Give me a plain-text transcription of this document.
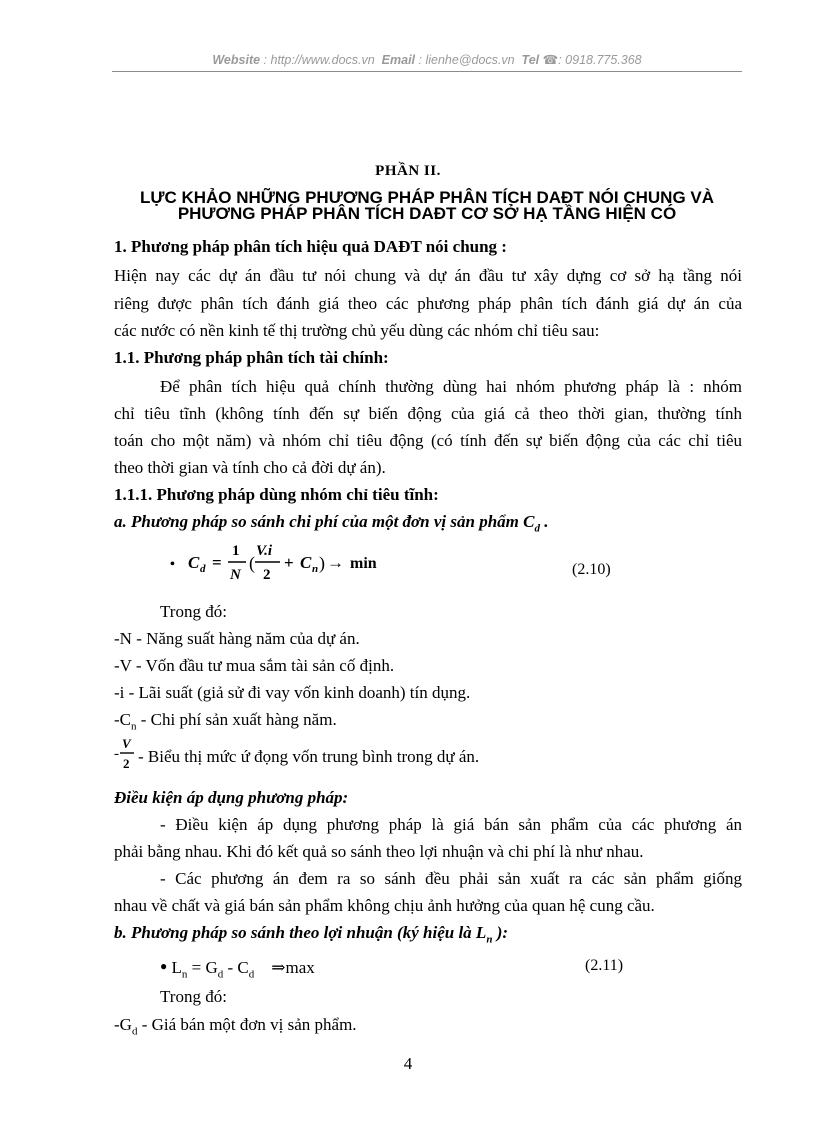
Website : http://www.docs.vn Email : lienhe@docs.vn Tel ☎: 0918.775.368
PHẦN II.
LỰC KHẢO NHỮNG PHƯƠNG PHÁP PHÂN TÍCH DAĐT NÓI CHUNG VÀ
PHƯƠNG PHÁP PHÂN TÍCH DAĐT CƠ SỞ HẠ TẦNG HIỆN CÓ
1. Phương pháp phân tích hiệu quả DAĐT nói chung :
Hiện nay các dự án đầu tư nói chung và dự án đầu tư xây dựng cơ sở hạ tầng nói
riêng được phân tích đánh giá theo các phương pháp phân tích đánh giá dự án của
các nước có nền kinh tế thị trường chủ yếu dùng các nhóm chỉ tiêu sau:
1.1. Phương pháp phân tích tài chính:
Để phân tích hiệu quả chính thường dùng hai nhóm phương pháp là : nhóm
chỉ tiêu tĩnh (không tính đến sự biến động của giá cả theo thời gian, thường tính
toán cho một năm) và nhóm chỉ tiêu động (có tính đến sự biến động của các chỉ tiêu
theo thời gian và tính cho cả đời dự án).
1.1.1. Phương pháp dùng nhóm chỉ tiêu tĩnh:
a. Phương pháp so sánh chi phí của một đơn vị sản phẩm $C_d$ .
• C d =
1
N
(
V.i
2
+ C n ) → min	(2.10)
Trong đó:
-N - Năng suất hàng năm của dự án.
-V - Vốn đầu tư mua sắm tài sản cố định.
-i - Lãi suất (giả sử đi vay vốn kinh doanh) tín dụng.
$-C_n$ - Chi phí sản xuất hàng năm.
-
V
2 - Biểu thị mức ứ đọng vốn trung bình trong dự án.
Điều kiện áp dụng phương pháp:
- Điều kiện áp dụng phương pháp là giá bán sản phẩm của các phương án
phải bằng nhau. Khi đó kết quả so sánh theo lợi nhuận và chi phí là như nhau.
- Các phương án đem ra so sánh đều phải sản xuất ra các sản phẩm giống
nhau về chất và giá bán sản phẩm không chịu ảnh hưởng của quan hệ cung cầu.
b. Phương pháp so sánh theo lợi nhuận (ký hiệu là $L_n$ ):
● $L_n = G_d - C_d$ ⇒max	(2.11)
Trong đó:
$-G_d$ - Giá bán một đơn vị sản phẩm.
4
